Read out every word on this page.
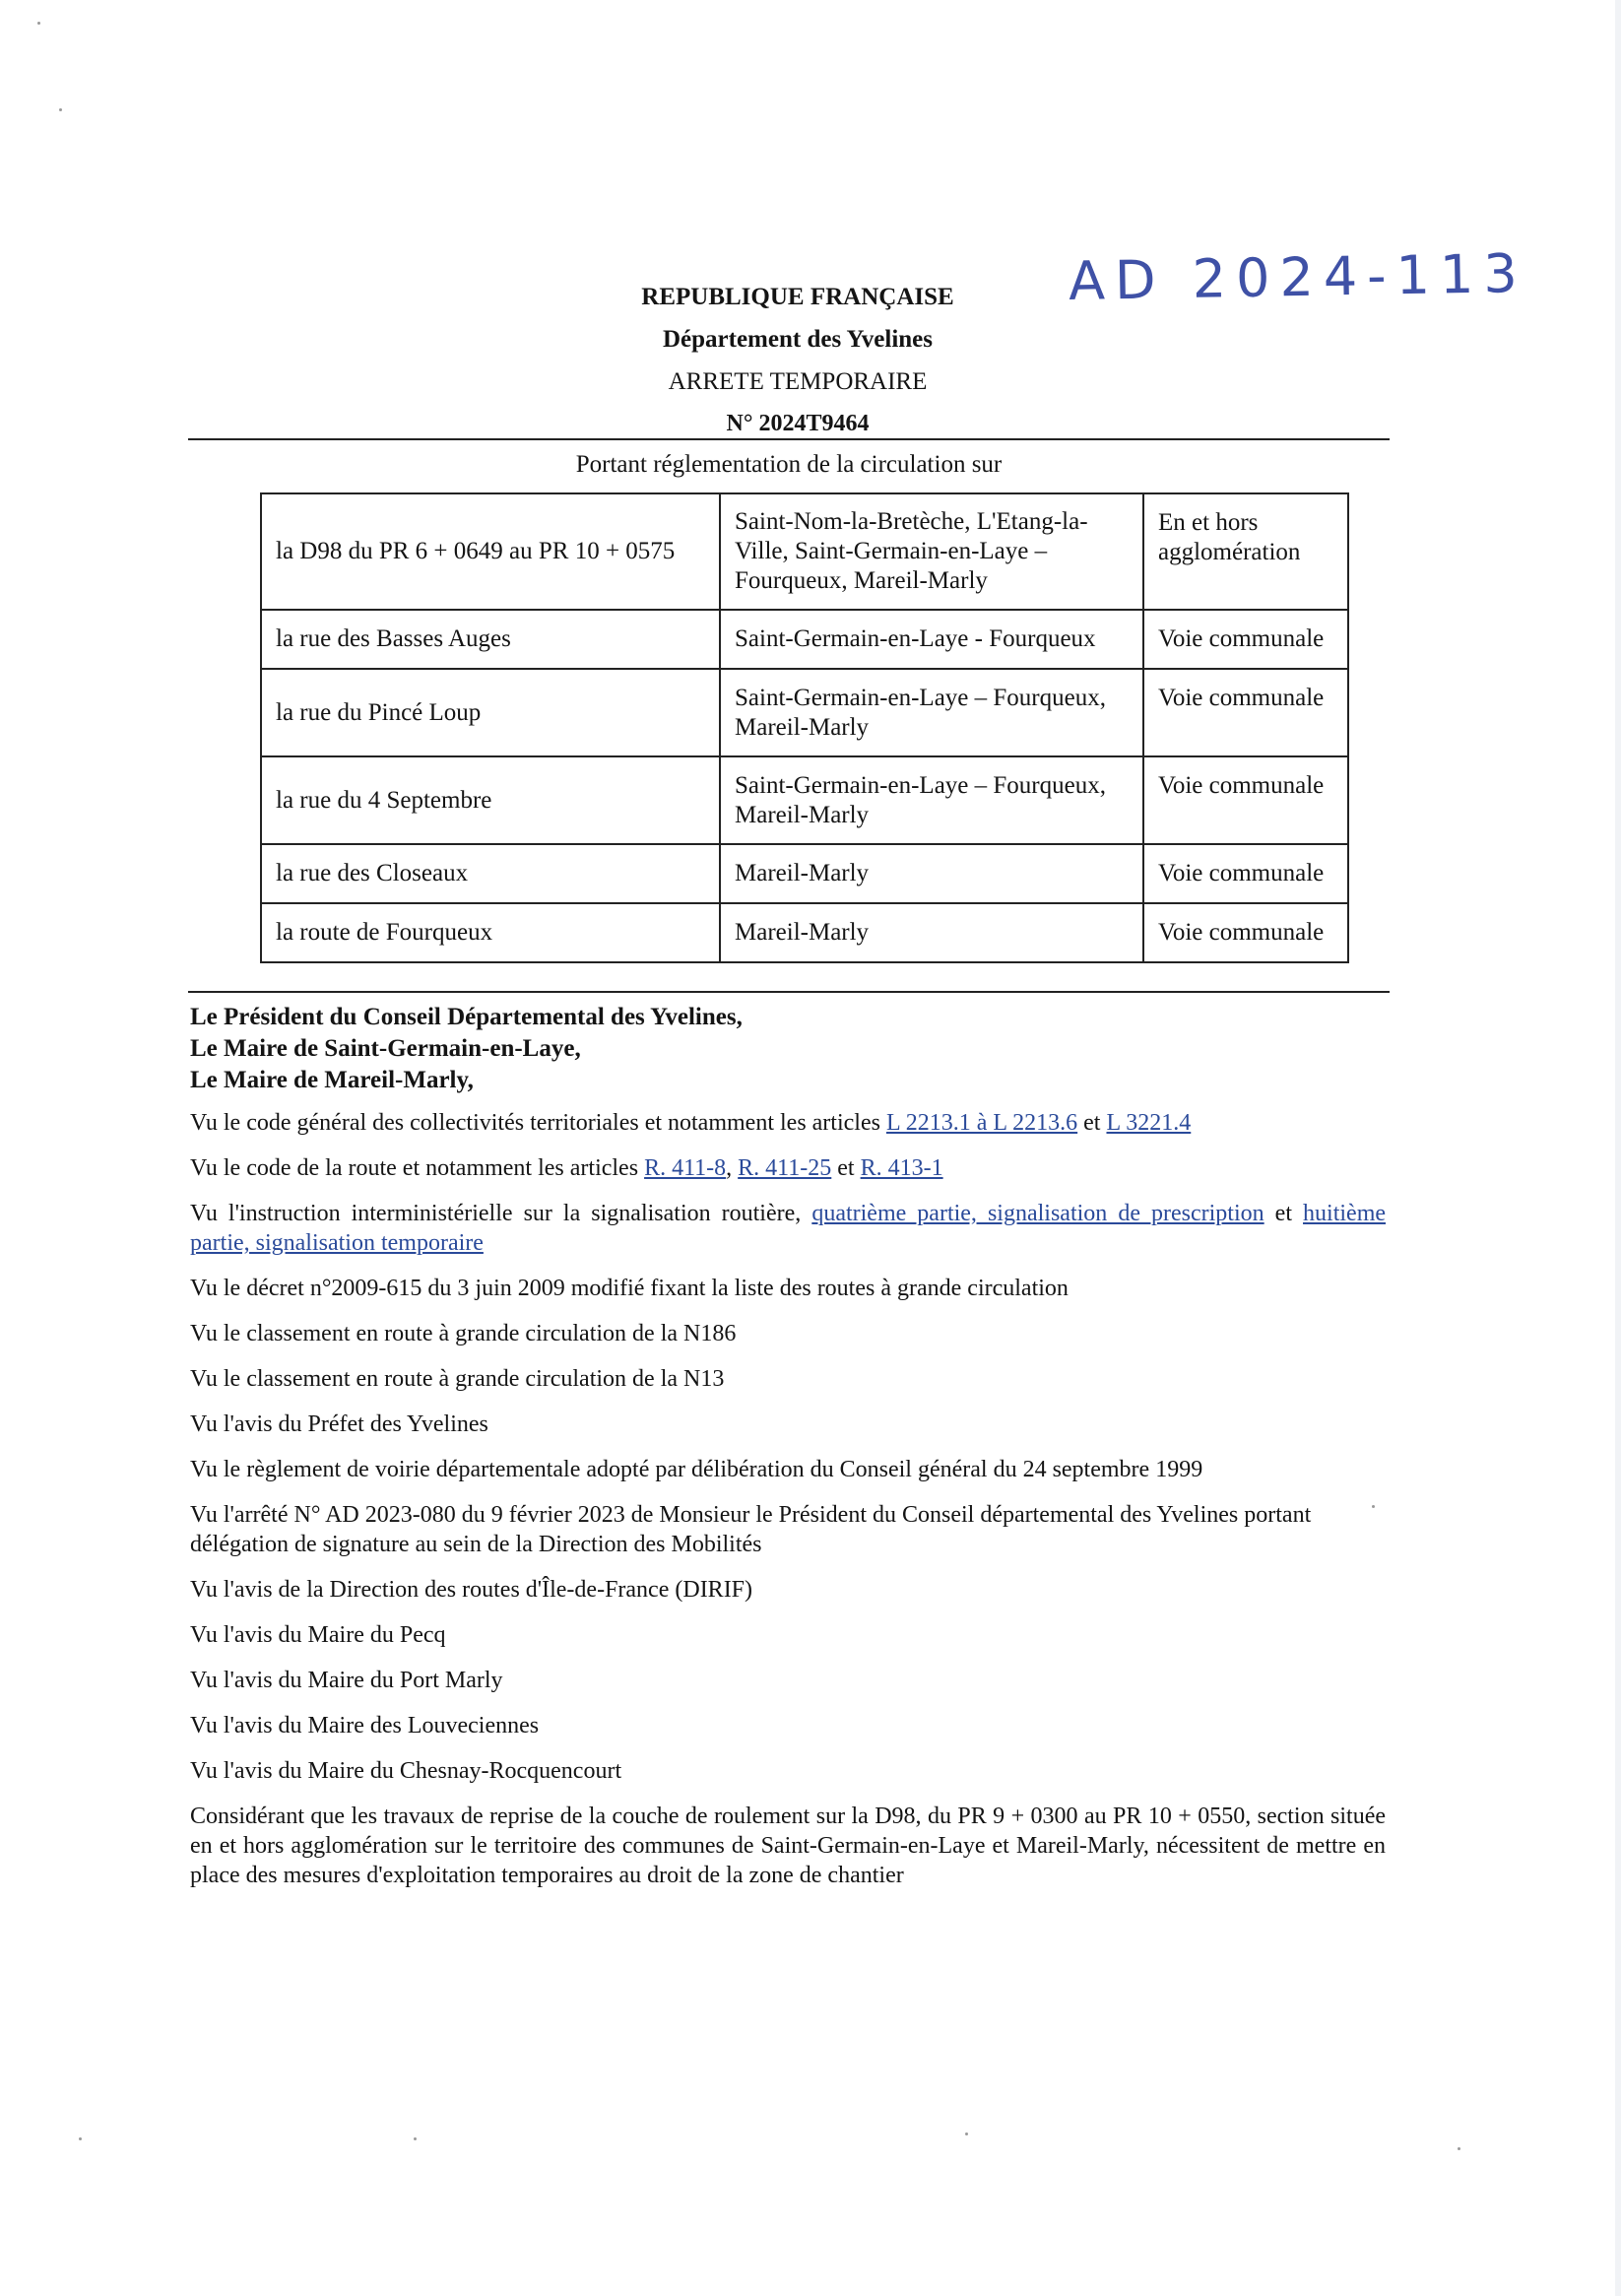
AD 2024-113
REPUBLIQUE FRANÇAISE
Département des Yvelines
ARRETE TEMPORAIRE
N° 2024T9464
Portant réglementation de la circulation sur
la D98 du PR 6 + 0649 au PR 10 + 0575	Saint-Nom-la-Bretèche, L'Etang-la-Ville, Saint-Germain-en-Laye – Fourqueux, Mareil-Marly	En et hors agglomération
la rue des Basses Auges	Saint-Germain-en-Laye - Fourqueux	Voie communale
la rue du Pincé Loup	Saint-Germain-en-Laye – Fourqueux, Mareil-Marly	Voie communale
la rue du 4 Septembre	Saint-Germain-en-Laye – Fourqueux, Mareil-Marly	Voie communale
la rue des Closeaux	Mareil-Marly	Voie communale
la route de Fourqueux	Mareil-Marly	Voie communale
Le Président du Conseil Départemental des Yvelines,
Le Maire de Saint-Germain-en-Laye,
Le Maire de Mareil-Marly,

Vu le code général des collectivités territoriales et notamment les articles L 2213.1 à L 2213.6 et L 3221.4

Vu le code de la route et notamment les articles R. 411-8, R. 411-25 et R. 413-1

Vu l'instruction interministérielle sur la signalisation routière, quatrième partie, signalisation de prescription et huitième partie, signalisation temporaire

Vu le décret n°2009-615 du 3 juin 2009 modifié fixant la liste des routes à grande circulation

Vu le classement en route à grande circulation de la N186

Vu le classement en route à grande circulation de la N13

Vu l'avis du Préfet des Yvelines

Vu le règlement de voirie départementale adopté par délibération du Conseil général du 24 septembre 1999

Vu l'arrêté N° AD 2023-080 du 9 février 2023 de Monsieur le Président du Conseil départemental des Yvelines portant délégation de signature au sein de la Direction des Mobilités

Vu l'avis de la Direction des routes d'Île-de-France (DIRIF)

Vu l'avis du Maire du Pecq

Vu l'avis du Maire du Port Marly

Vu l'avis du Maire des Louveciennes

Vu l'avis du Maire du Chesnay-Rocquencourt

Considérant que les travaux de reprise de la couche de roulement sur la D98, du PR 9 + 0300 au PR 10 + 0550, section située en et hors agglomération sur le territoire des communes de Saint-Germain-en-Laye et Mareil-Marly, nécessitent de mettre en place des mesures d'exploitation temporaires au droit de la zone de chantier
